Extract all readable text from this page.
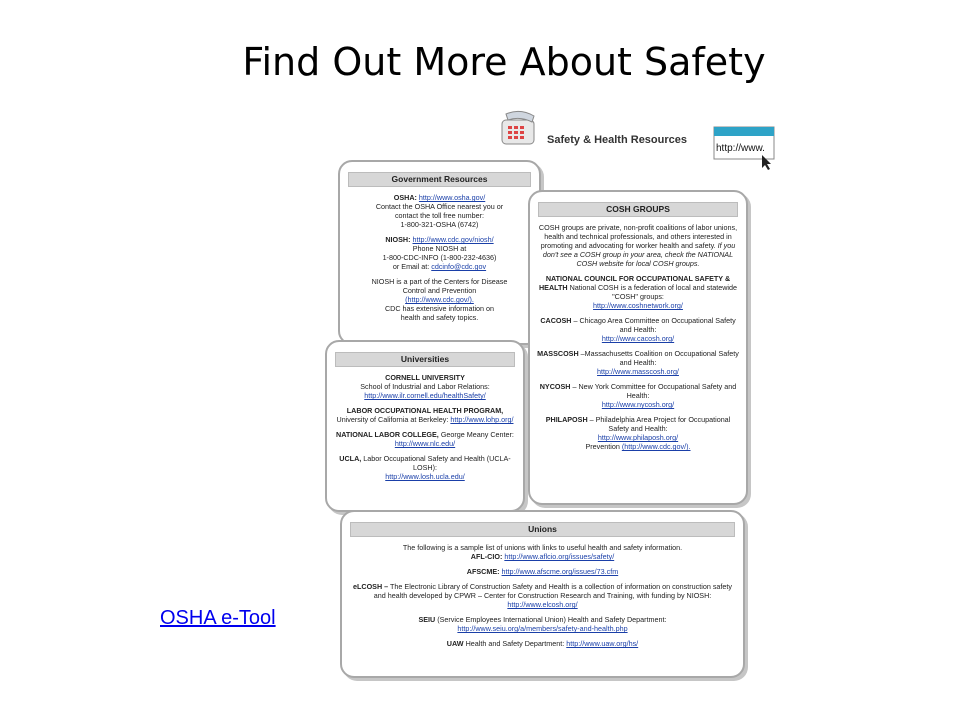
Find Out More About Safety
Safety & Health Resources
http://www.
Government Resources

OSHA: http://www.osha.gov/
Contact the OSHA Office nearest you or
contact the toll free number:
1-800-321-OSHA (6742)

NIOSH: http://www.cdc.gov/niosh/
Phone NIOSH at
1-800-CDC-INFO (1-800-232-4636)
or Email at: cdcinfo@cdc.gov

NIOSH is a part of the Centers for Disease
Control and Prevention
(http://www.cdc.gov/).
CDC has extensive information on
health and safety topics.

COSH GROUPS

COSH groups are private, non-profit coalitions of labor unions, health and technical professionals, and others interested in promoting and advocating for worker health and safety. If you don't see a COSH group in your area, check the NATIONAL COSH website for local COSH groups.

NATIONAL COUNCIL FOR OCCUPATIONAL SAFETY & HEALTH National COSH is a federation of local and statewide "COSH" groups:
http://www.coshnetwork.org/

CACOSH – Chicago Area Committee on Occupational Safety and Health:
http://www.cacosh.org/

MASSCOSH –Massachusetts Coalition on Occupational Safety and Health:
http://www.masscosh.org/

NYCOSH – New York Committee for Occupational Safety and Health:
http://www.nycosh.org/

PHILAPOSH – Philadelphia Area Project for Occupational Safety and Health:
http://www.philaposh.org/
Prevention (http://www.cdc.gov/).

Universities

CORNELL UNIVERSITY
School of Industrial and Labor Relations:
http://www.ilr.cornell.edu/healthSafety/

LABOR OCCUPATIONAL HEALTH PROGRAM, University of California at Berkeley: http://www.lohp.org/

NATIONAL LABOR COLLEGE, George Meany Center: http://www.nlc.edu/

UCLA, Labor Occupational Safety and Health (UCLA-LOSH):
http://www.losh.ucla.edu/

Unions

The following is a sample list of unions with links to useful health and safety information.
AFL-CIO: http://www.aflcio.org/issues/safety/

AFSCME: http://www.afscme.org/issues/73.cfm

eLCOSH – The Electronic Library of Construction Safety and Health is a collection of information on construction safety and health developed by CPWR – Center for Construction Research and Training, with funding by NIOSH: http://www.elcosh.org/

SEIU (Service Employees International Union) Health and Safety Department:
http://www.seiu.org/a/members/safety-and-health.php

UAW Health and Safety Department: http://www.uaw.org/hs/

OSHA e-Tool
